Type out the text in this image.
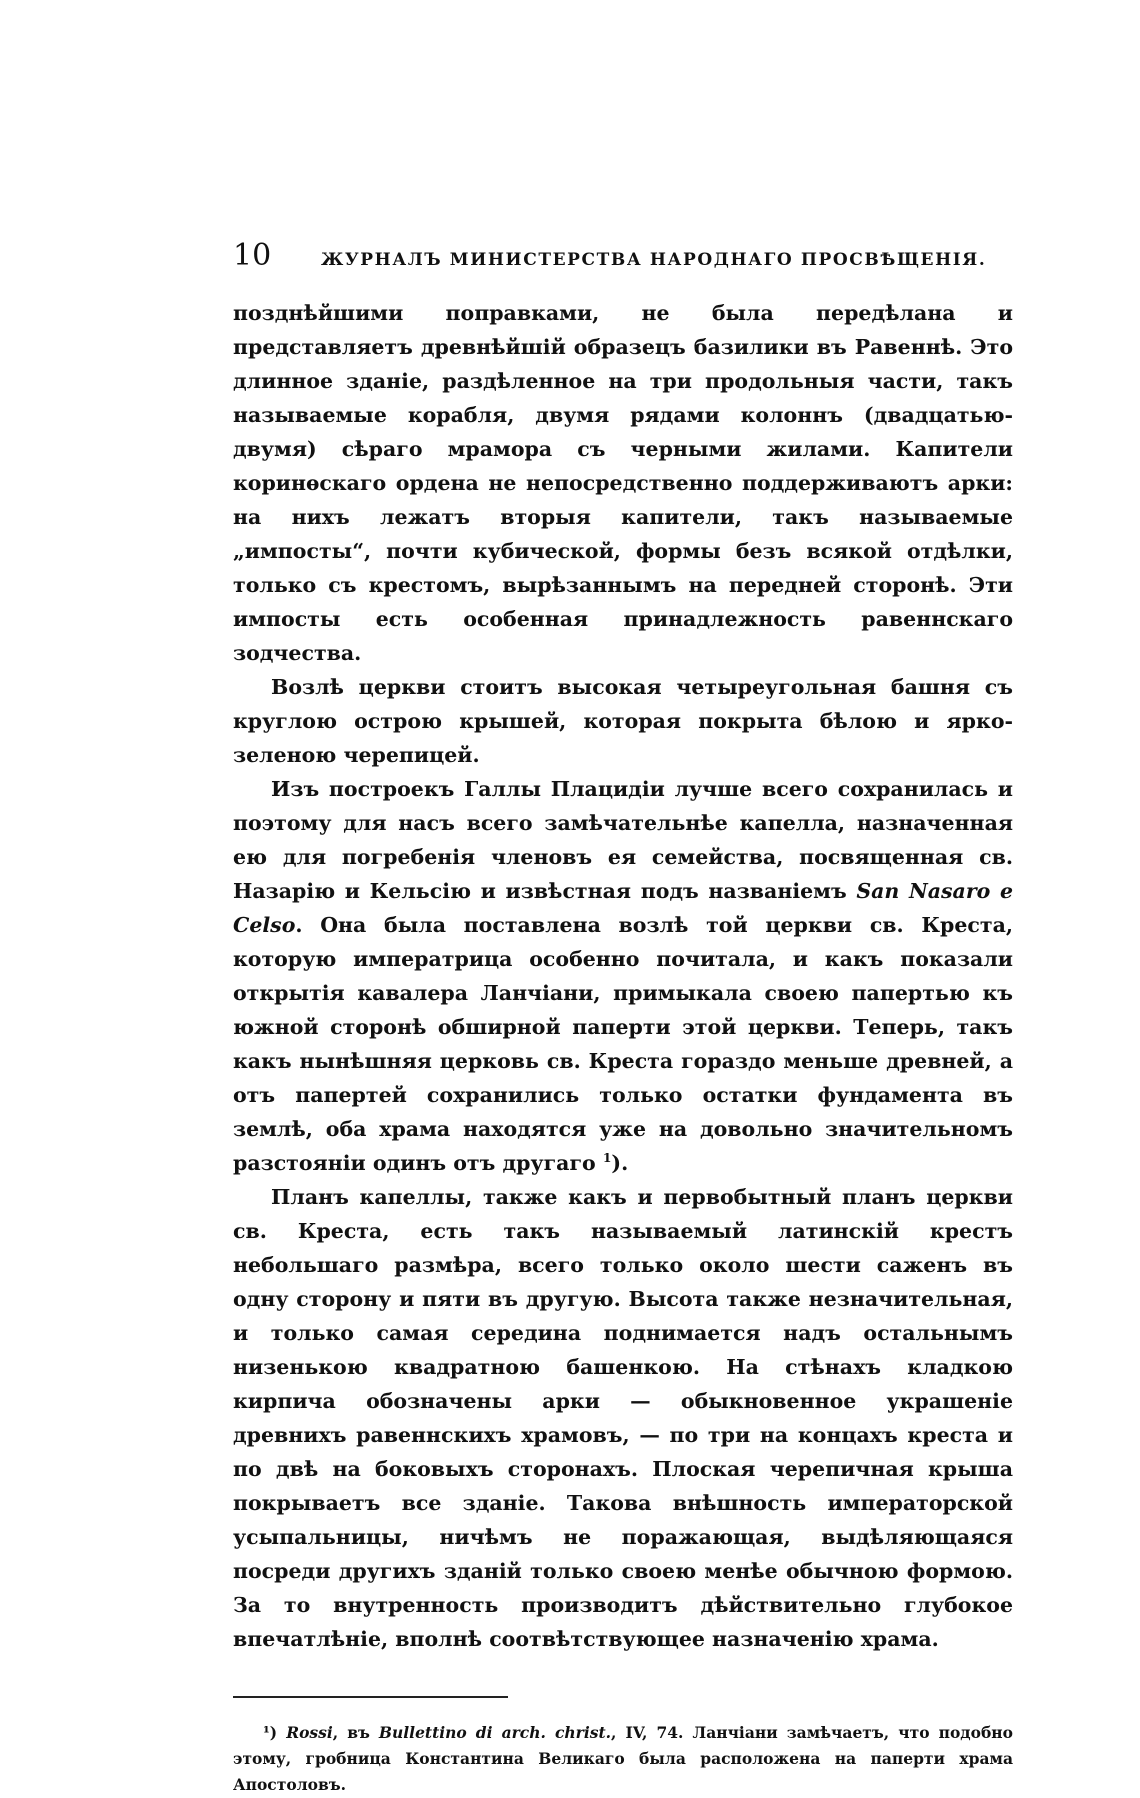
10	ЖУРНАЛЪ МИНИСТЕРСТВА НАРОДНАГО ПРОСВѢЩЕНІЯ.

позднѣйшими поправками, не была передѣлана и представляетъ древнѣйшій образецъ базилики въ Равеннѣ. Это длинное зданіе, раздѣленное на три продольныя части, такъ называемые корабля, двумя рядами колоннъ (двадцатью-двумя) сѣраго мрамора съ черными жилами. Капители коринѳскаго ордена не непосредственно поддерживаютъ арки: на нихъ лежатъ вторыя капители, такъ называемые „импосты“, почти кубической, формы безъ всякой отдѣлки, только съ крестомъ, вырѣзаннымъ на передней сторонѣ. Эти импосты есть особенная принадлежность равеннскаго зодчества.

Возлѣ церкви стоитъ высокая четыреугольная башня съ круглою острою крышей, которая покрыта бѣлою и ярко-зеленою черепицей.

Изъ построекъ Галлы Плацидіи лучше всего сохранилась и поэтому для насъ всего замѣчательнѣе капелла, назначенная ею для погребенія членовъ ея семейства, посвященная св. Назарію и Кельсію и извѣстная подъ названіемъ San Nasaro e Celso. Она была поставлена возлѣ той церкви св. Креста, которую императрица особенно почитала, и какъ показали открытія кавалера Ланчіани, примыкала своею папертью къ южной сторонѣ обширной паперти этой церкви. Теперь, такъ какъ нынѣшняя церковь св. Креста гораздо меньше древней, а отъ папертей сохранились только остатки фундамента въ землѣ, оба храма находятся уже на довольно значительномъ разстояніи одинъ отъ другаго $^1$).

Планъ капеллы, также какъ и первобытный планъ церкви св. Креста, есть такъ называемый латинскій крестъ небольшаго размѣра, всего только около шести саженъ въ одну сторону и пяти въ другую. Высота также незначительная, и только самая середина поднимается надъ остальнымъ низенькою квадратною башенкою. На стѣнахъ кладкою кирпича обозначены арки — обыкновенное украшеніе древнихъ равеннскихъ храмовъ, — по три на концахъ креста и по двѣ на боковыхъ сторонахъ. Плоская черепичная крыша покрываетъ все зданіе. Такова внѣшность императорской усыпальницы, ничѣмъ не поражающая, выдѣляющаяся посреди другихъ зданій только своею менѣе обычною формою. За то внутренность производитъ дѣйствительно глубокое впечатлѣніе, вполнѣ соотвѣтствующее назначенію храма.

¹) Rossi, въ Bullettino di arch. christ., IV, 74. Ланчіани замѣчаетъ, что подобно этому, гробница Константина Великаго была расположена на паперти храма Апостоловъ.
